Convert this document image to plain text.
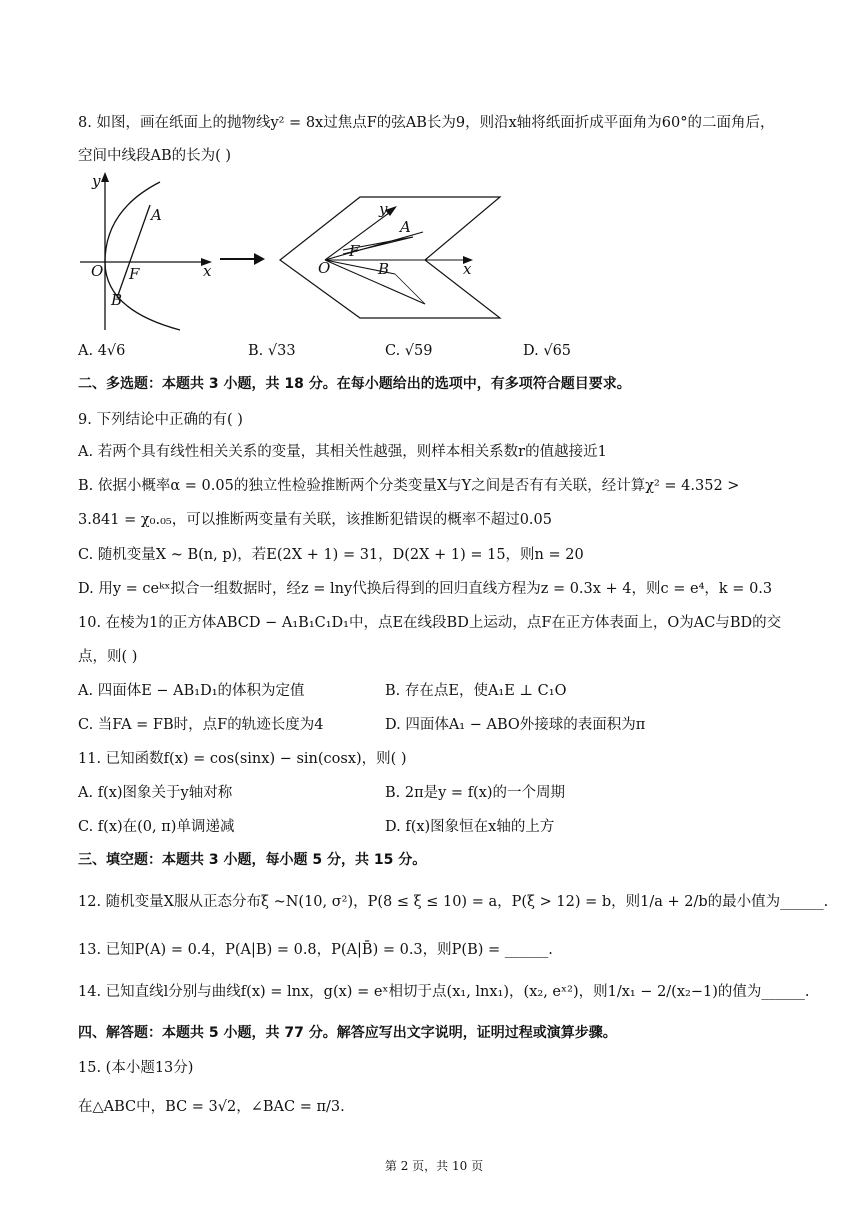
8. 如图，画在纸面上的抛物线y² = 8x过焦点F的弦AB长为9，则沿x轴将纸面折成平面角为60°的二面角后，
空间中线段AB的长为( )
y
x
O F
A
B
y
A
F
O	B	x
A. 4√6	B. √33	C. √59	D. √65
二、多选题：本题共 3 小题，共 18 分。在每小题给出的选项中，有多项符合题目要求。
9. 下列结论中正确的有( )
A. 若两个具有线性相关关系的变量，其相关性越强，则样本相关系数r的值越接近1
B. 依据小概率α = 0.05的独立性检验推断两个分类变量X与Y之间是否有有关联，经计算χ² = 4.352 >
3.841 = χ₀.₀₅，可以推断两变量有关联，该推断犯错误的概率不超过0.05
C. 随机变量X ~ B(n, p)，若E(2X + 1) = 31，D(2X + 1) = 15，则n = 20
D. 用y = ceᵏˣ拟合一组数据时，经z = lny代换后得到的回归直线方程为z = 0.3x + 4，则c = e⁴，k = 0.3
10. 在棱为1的正方体ABCD − A₁B₁C₁D₁中，点E在线段BD上运动，点F在正方体表面上，O为AC与BD的交
点，则( )
A. 四面体E − AB₁D₁的体积为定值	B. 存在点E，使A₁E ⊥ C₁O
C. 当FA = FB时，点F的轨迹长度为4	D. 四面体A₁ − ABO外接球的表面积为π
11. 已知函数f(x) = cos(sinx) − sin(cosx)，则( )
A. f(x)图象关于y轴对称	B. 2π是y = f(x)的一个周期
C. f(x)在(0, π)单调递减	D. f(x)图象恒在x轴的上方
三、填空题：本题共 3 小题，每小题 5 分，共 15 分。
12. 随机变量X服从正态分布ξ ~N(10, σ²)，P(8 ≤ ξ ≤ 10) = a，P(ξ > 12) = b，则1/a + 2/b的最小值为______.
13. 已知P(A) = 0.4，P(A|B) = 0.8，P(A|B̄) = 0.3，则P(B) = ______.
14. 已知直线l分别与曲线f(x) = lnx，g(x) = eˣ相切于点(x₁, lnx₁)，(x₂, eˣ²)，则1/x₁ − 2/(x₂−1)的值为______.
四、解答题：本题共 5 小题，共 77 分。解答应写出文字说明，证明过程或演算步骤。
15. (本小题13分)
在△ABC中，BC = 3√2，∠BAC = π/3.
第 2 页，共 10 页
